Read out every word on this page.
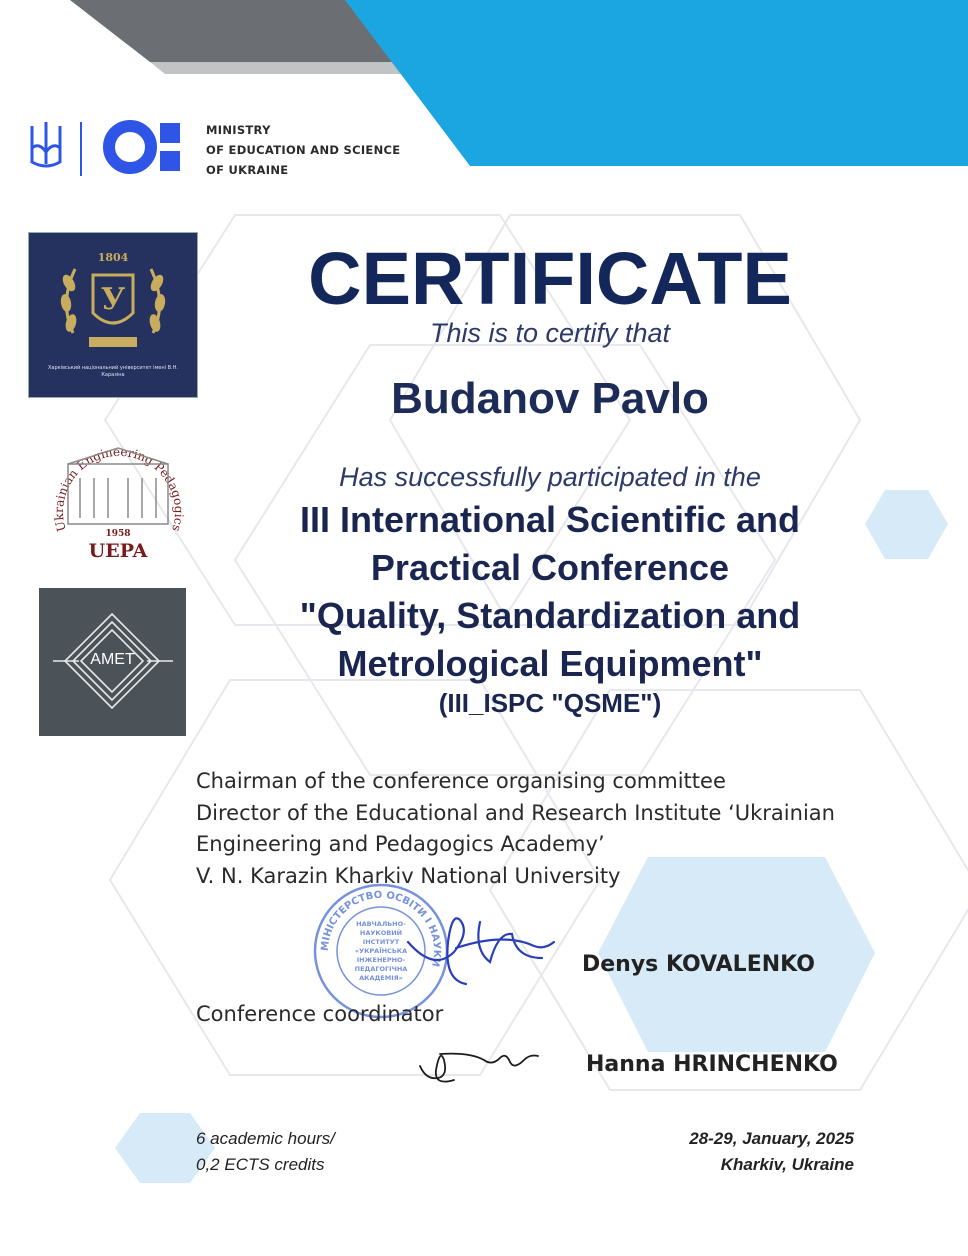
MINISTRY
OF EDUCATION AND SCIENCE
OF UKRAINE
У
1804
Харківський національний університет імені В.Н. Каразіна
Ukrainian Engineering Pedagogics
1958
UEPA
AMET
CERTIFICATE
This is to certify that
Budanov Pavlo
Has successfully participated in the
III International Scientific and
Practical Conference
"Quality, Standardization and
Metrological Equipment"
(III_ISPC "QSME")
Chairman of the conference organising committee
Director of the Educational and Research Institute ‘Ukrainian
Engineering and Pedagogics Academy’
V. N. Karazin Kharkiv National University
МІНІСТЕРСТВО ОСВІТИ І НАУКИ
НАВЧАЛЬНО-
НАУКОВИЙ
ІНСТИТУТ
«УКРАЇНСЬКА
ІНЖЕНЕРНО-
ПЕДАГОГІЧНА
АКАДЕМІЯ»
Denys KOVALENKO
Conference coordinator
Hanna HRINCHENKO
6 academic hours/
0,2 ECTS credits
28-29, January, 2025
Kharkiv, Ukraine
